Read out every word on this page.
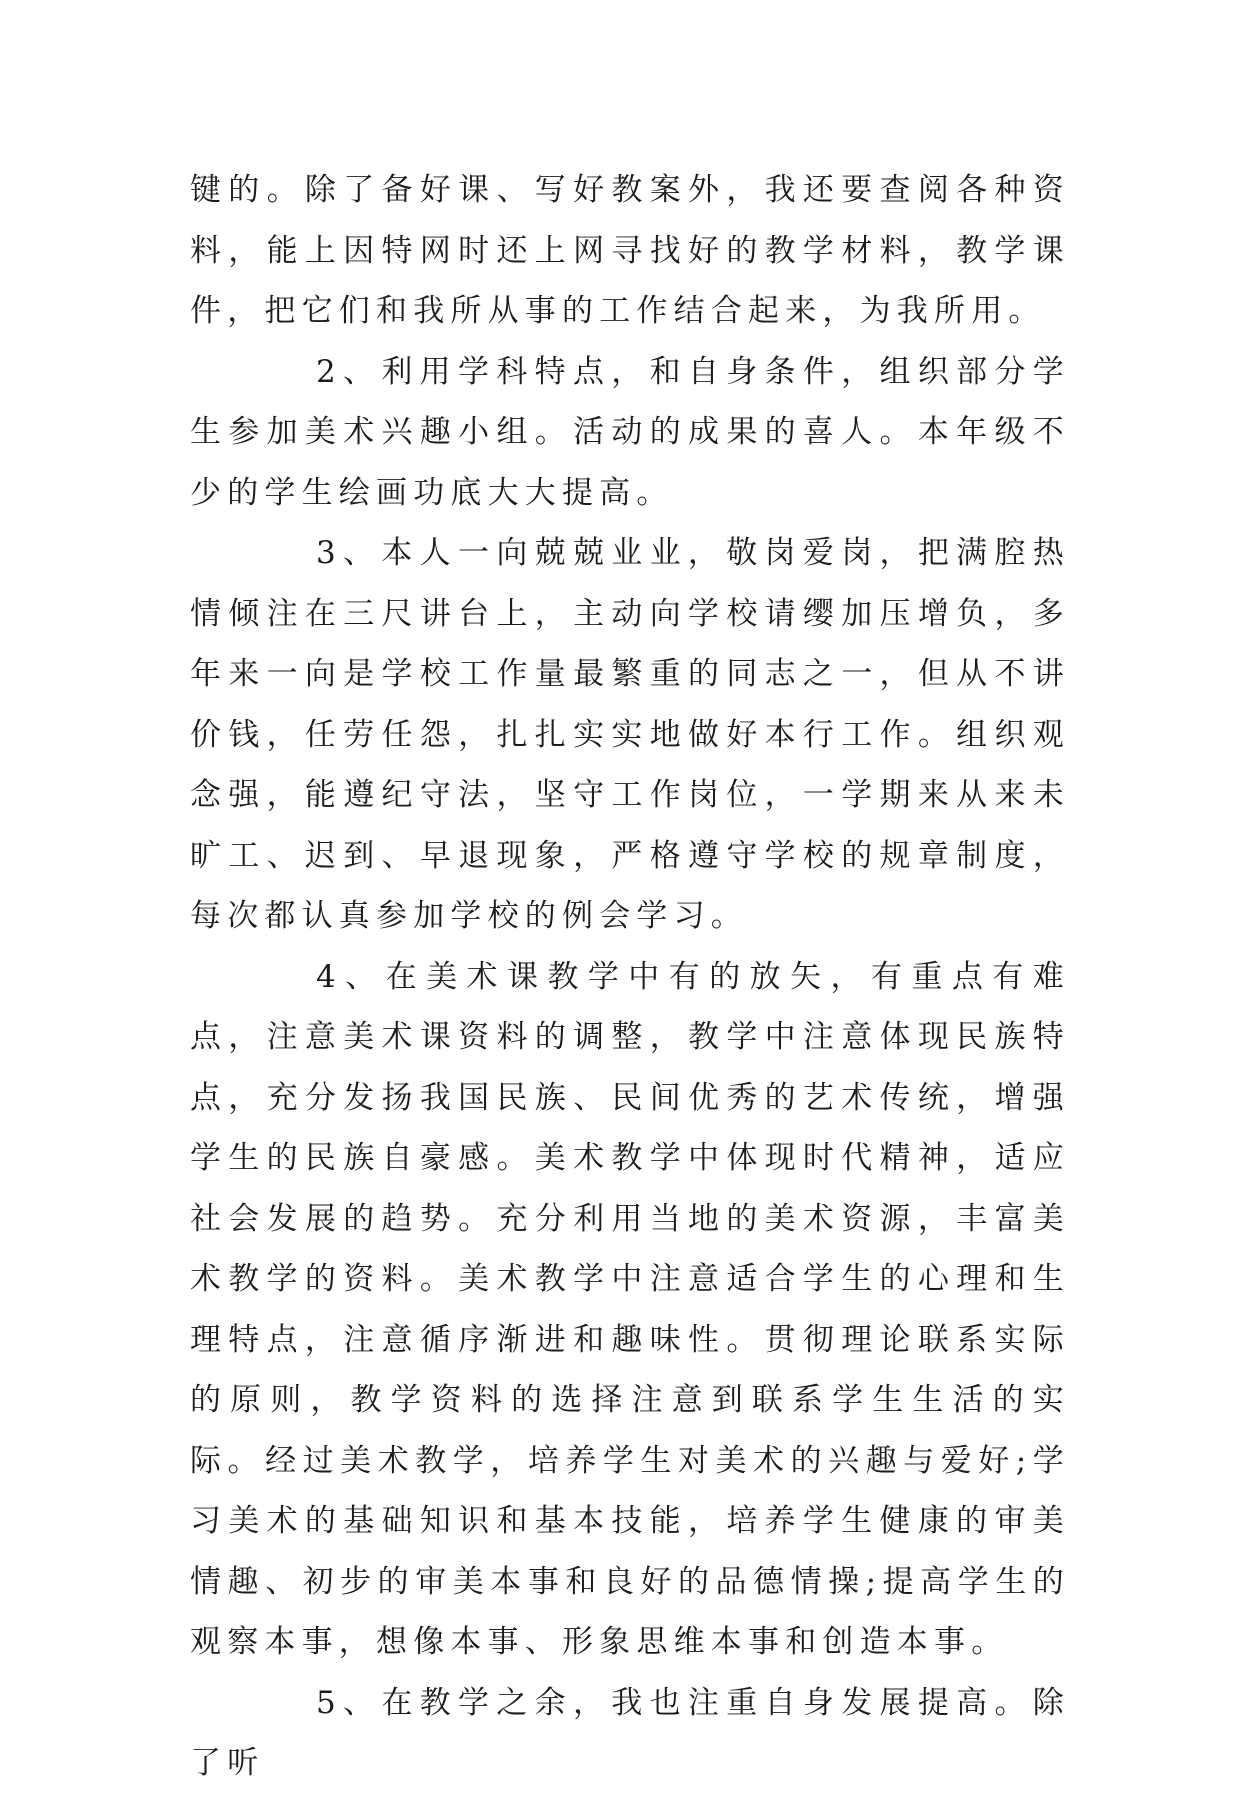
键的。除了备好课、写好教案外，我还要查阅各种资料，能上因特网时还上网寻找好的教学材料，教学课件，把它们和我所从事的工作结合起来，为我所用。

2、利用学科特点，和自身条件，组织部分学生参加美术兴趣小组。活动的成果的喜人。本年级不少的学生绘画功底大大提高。

3、本人一向兢兢业业，敬岗爱岗，把满腔热情倾注在三尺讲台上，主动向学校请缨加压增负，多年来一向是学校工作量最繁重的同志之一，但从不讲价钱，任劳任怨，扎扎实实地做好本行工作。组织观念强，能遵纪守法，坚守工作岗位，一学期来从来未旷工、迟到、早退现象，严格遵守学校的规章制度，每次都认真参加学校的例会学习。

4、在美术课教学中有的放矢，有重点有难点，注意美术课资料的调整，教学中注意体现民族特点，充分发扬我国民族、民间优秀的艺术传统，增强学生的民族自豪感。美术教学中体现时代精神，适应社会发展的趋势。充分利用当地的美术资源，丰富美术教学的资料。美术教学中注意适合学生的心理和生理特点，注意循序渐进和趣味性。贯彻理论联系实际的原则，教学资料的选择注意到联系学生生活的实际。经过美术教学，培养学生对美术的兴趣与爱好;学习美术的基础知识和基本技能，培养学生健康的审美情趣、初步的审美本事和良好的品德情操;提高学生的观察本事，想像本事、形象思维本事和创造本事。

5、在教学之余，我也注重自身发展提高。除了听
